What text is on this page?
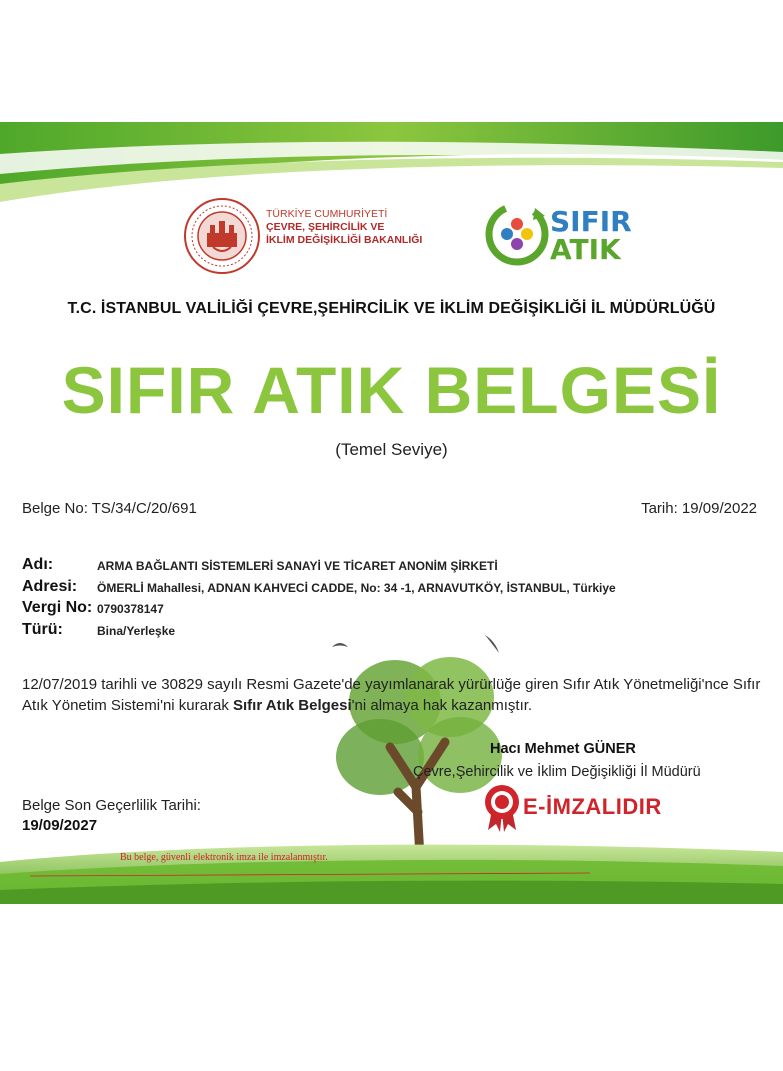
TÜRKİYE CUMHURİYETİ
ÇEVRE, ŞEHİRCİLİK VE
İKLİM DEĞİŞİKLİĞİ BAKANLIĞI
SIFIR
ATIK
T.C. İSTANBUL VALİLİĞİ ÇEVRE,ŞEHİRCİLİK VE İKLİM DEĞİŞİKLİĞİ İL MÜDÜRLÜĞÜ
SIFIR ATIK BELGESİ
(Temel Seviye)
Belge No: TS/34/C/20/691	Tarih: 19/09/2022
Adı:	ARMA BAĞLANTI SİSTEMLERİ SANAYİ VE TİCARET ANONİM ŞİRKETİ
Adresi: ÖMERLİ Mahallesi, ADNAN KAHVECİ CADDE, No: 34 -1, ARNAVUTKÖY, İSTANBUL, Türkiye
Vergi No: 0790378147
Türü:	Bina/Yerleşke
12/07/2019 tarihli ve 30829 sayılı Resmi Gazete'de yayımlanarak yürürlüğe giren Sıfır Atık Yönetmeliği'nce Sıfır Atık Yönetim Sistemi'ni kurarak Sıfır Atık Belgesi'ni almaya hak kazanmıştır.
Hacı Mehmet GÜNER
Çevre,Şehircilik ve İklim Değişikliği İl Müdürü
E-İMZALIDIR
Belge Son Geçerlilik Tarihi:
19/09/2027
Bu belge, güvenli elektronik imza ile imzalanmıştır.
